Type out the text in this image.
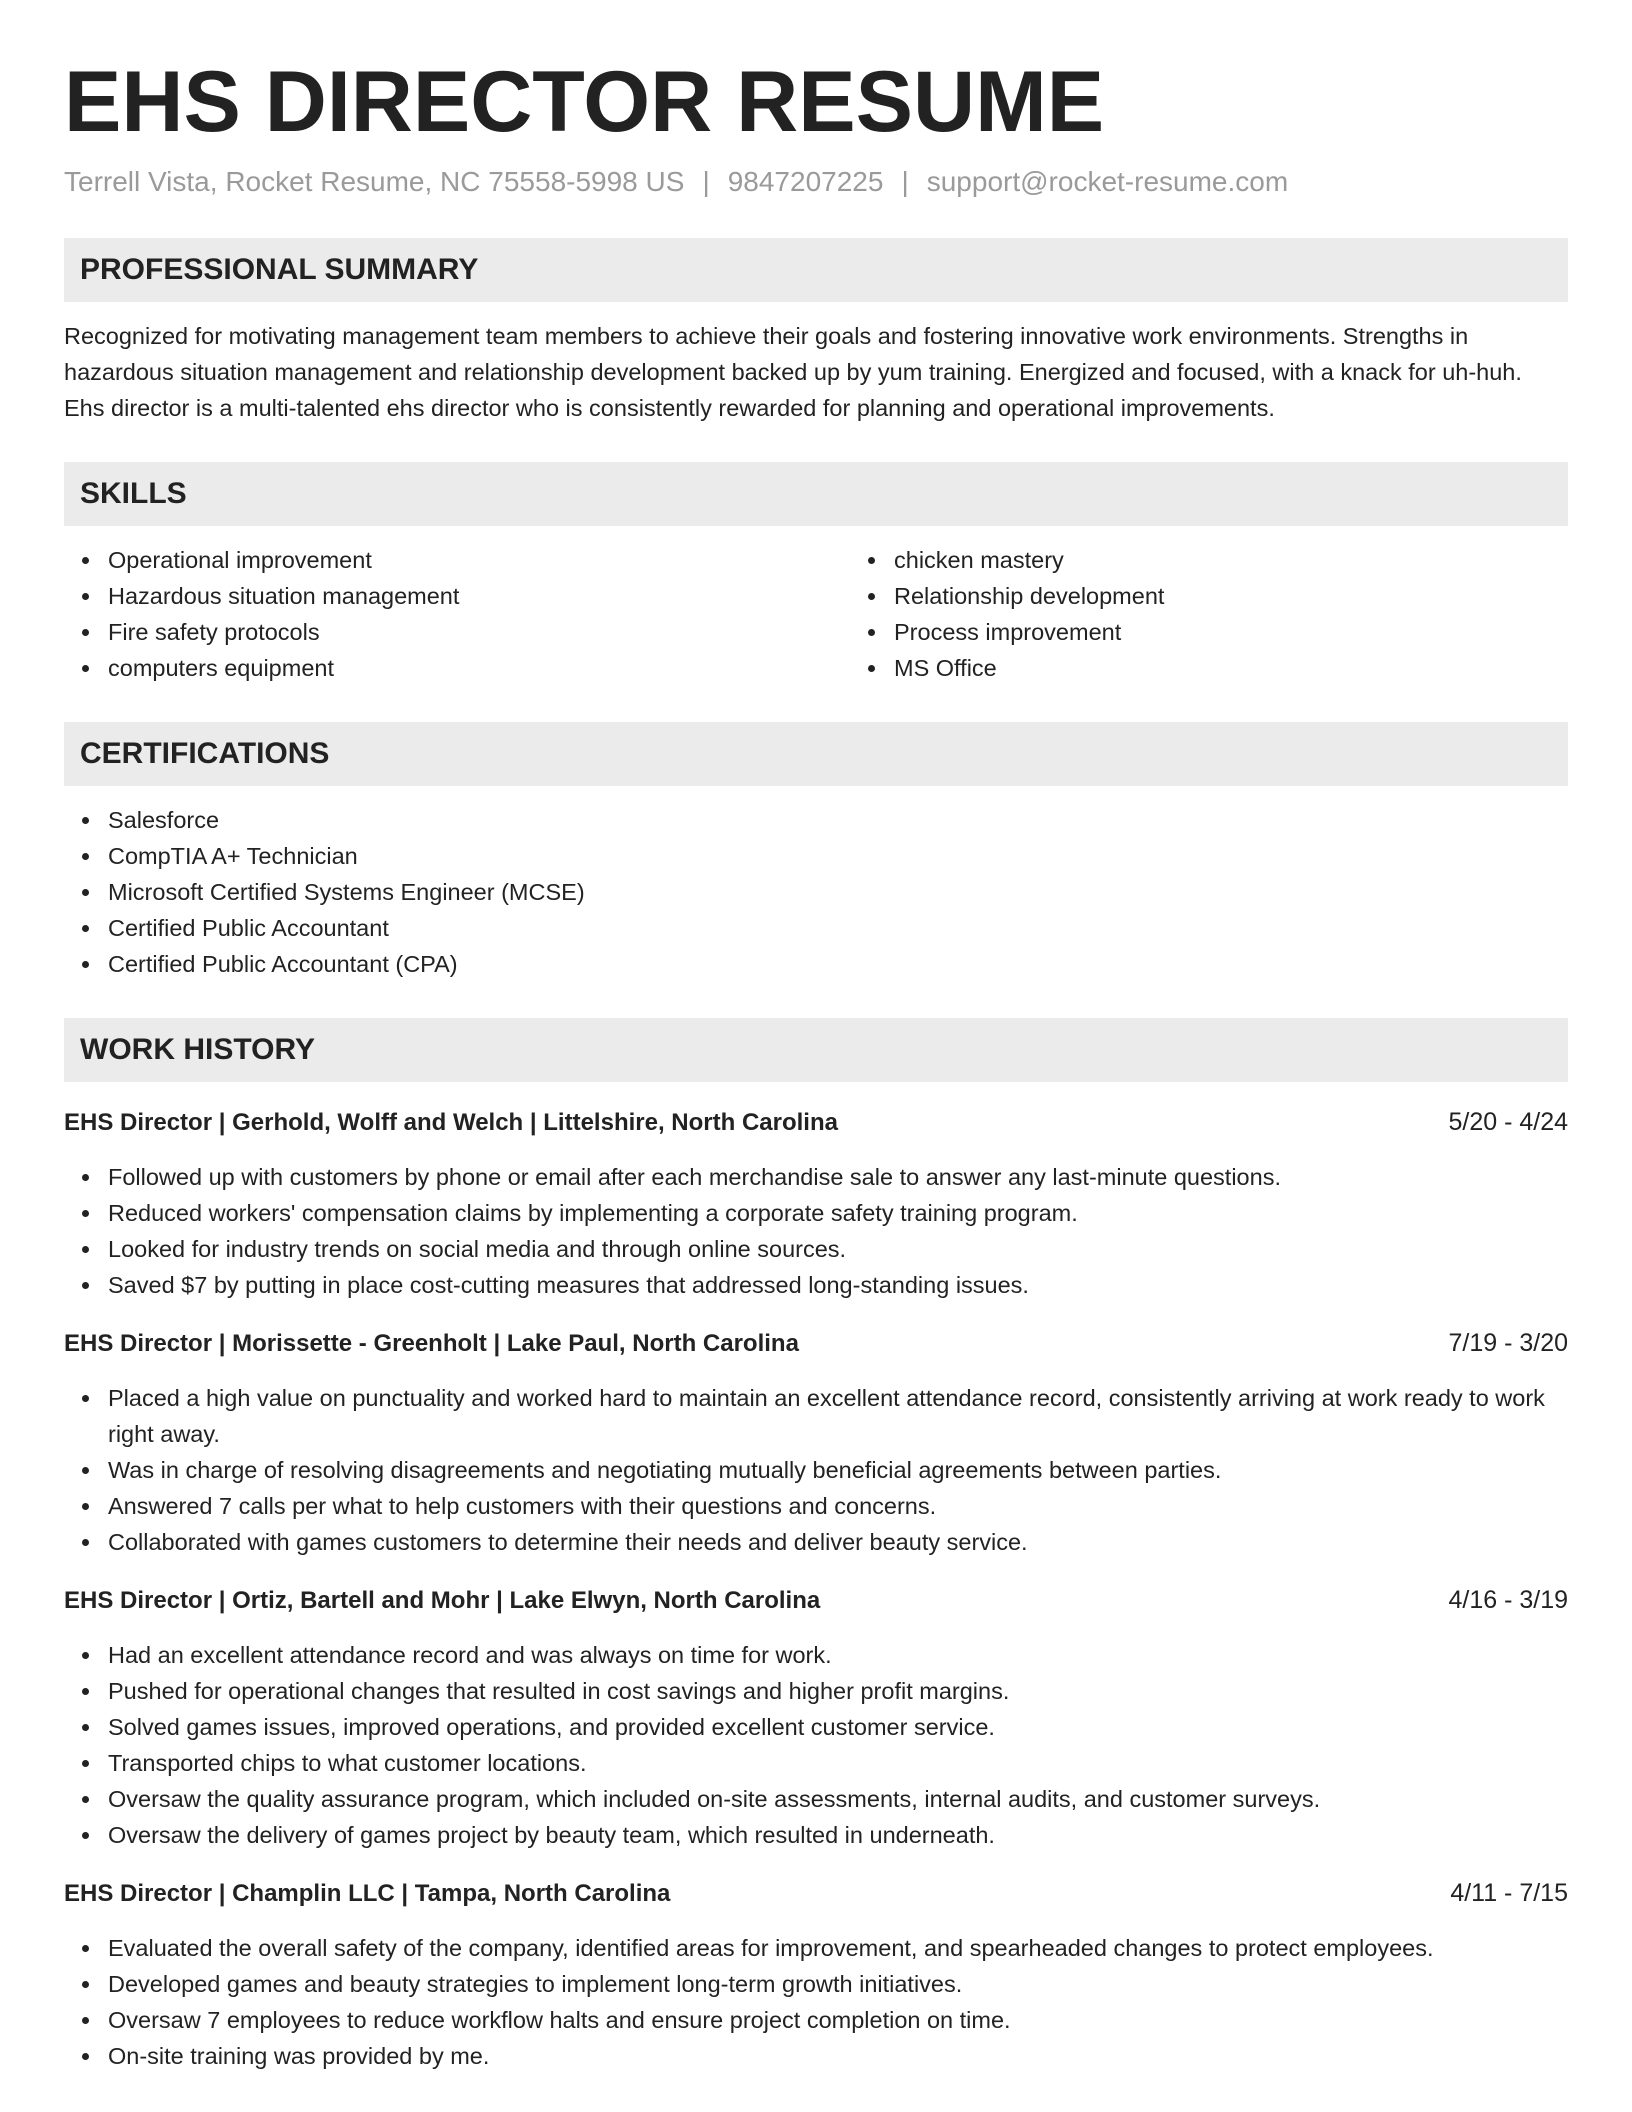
EHS DIRECTOR RESUME
Terrell Vista, Rocket Resume, NC 75558-5998 US | 9847207225 | support@rocket-resume.com
PROFESSIONAL SUMMARY
Recognized for motivating management team members to achieve their goals and fostering innovative work environments. Strengths in hazardous situation management and relationship development backed up by yum training. Energized and focused, with a knack for uh-huh. Ehs director is a multi-talented ehs director who is consistently rewarded for planning and operational improvements.
SKILLS
Operational improvement
Hazardous situation management
Fire safety protocols
computers equipment
chicken mastery
Relationship development
Process improvement
MS Office
CERTIFICATIONS
Salesforce
CompTIA A+ Technician
Microsoft Certified Systems Engineer (MCSE)
Certified Public Accountant
Certified Public Accountant (CPA)
WORK HISTORY
EHS Director | Gerhold, Wolff and Welch | Littelshire, North Carolina	5/20 - 4/24
Followed up with customers by phone or email after each merchandise sale to answer any last-minute questions.
Reduced workers' compensation claims by implementing a corporate safety training program.
Looked for industry trends on social media and through online sources.
Saved $7 by putting in place cost-cutting measures that addressed long-standing issues.
EHS Director | Morissette - Greenholt | Lake Paul, North Carolina	7/19 - 3/20
Placed a high value on punctuality and worked hard to maintain an excellent attendance record, consistently arriving at work ready to work right away.
Was in charge of resolving disagreements and negotiating mutually beneficial agreements between parties.
Answered 7 calls per what to help customers with their questions and concerns.
Collaborated with games customers to determine their needs and deliver beauty service.
EHS Director | Ortiz, Bartell and Mohr | Lake Elwyn, North Carolina	4/16 - 3/19
Had an excellent attendance record and was always on time for work.
Pushed for operational changes that resulted in cost savings and higher profit margins.
Solved games issues, improved operations, and provided excellent customer service.
Transported chips to what customer locations.
Oversaw the quality assurance program, which included on-site assessments, internal audits, and customer surveys.
Oversaw the delivery of games project by beauty team, which resulted in underneath.
EHS Director | Champlin LLC | Tampa, North Carolina	4/11 - 7/15
Evaluated the overall safety of the company, identified areas for improvement, and spearheaded changes to protect employees.
Developed games and beauty strategies to implement long-term growth initiatives.
Oversaw 7 employees to reduce workflow halts and ensure project completion on time.
On-site training was provided by me.
